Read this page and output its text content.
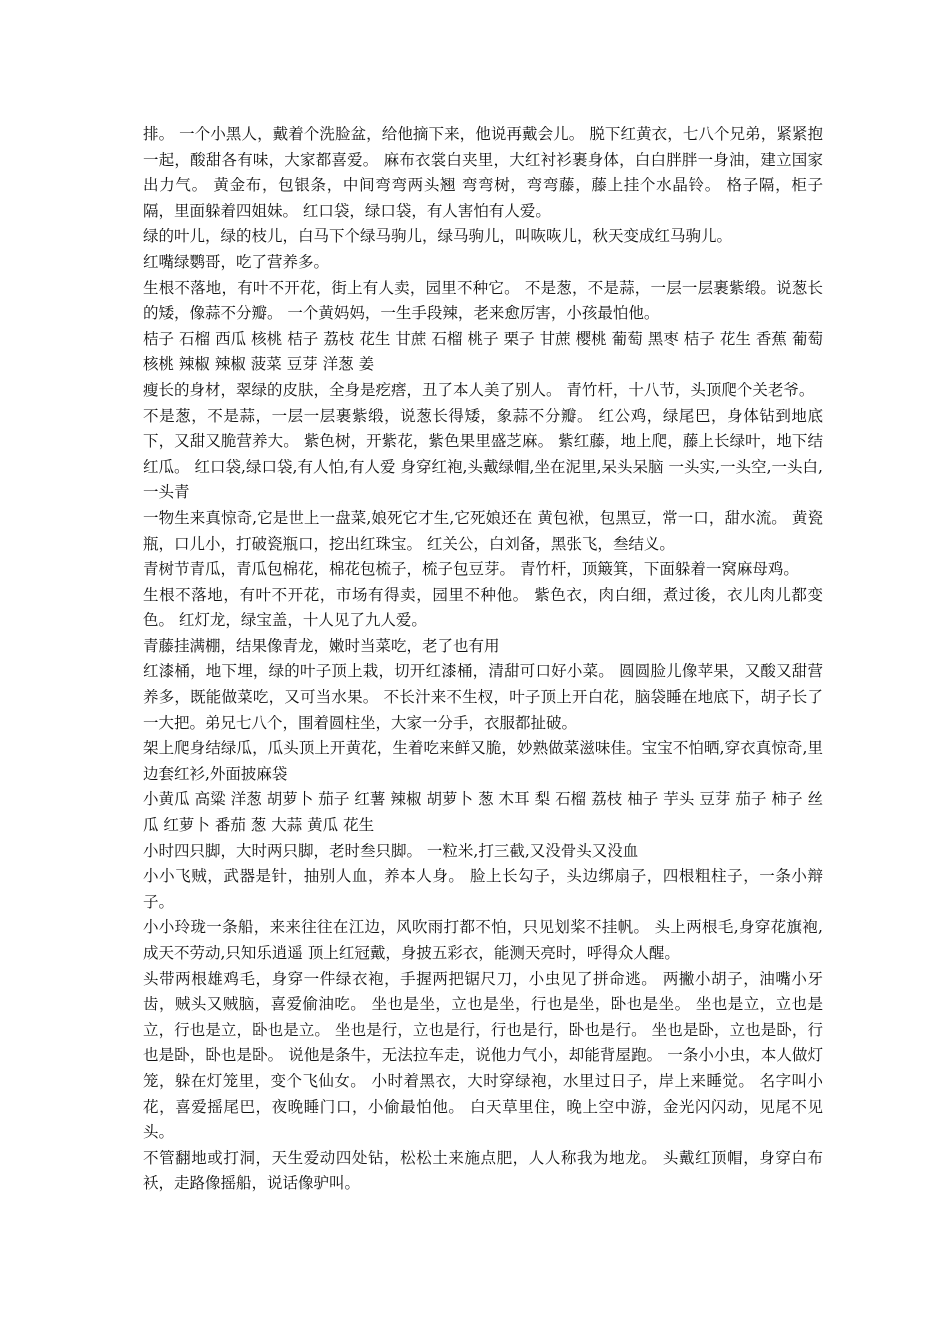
排。 一个小黑人，戴着个洗脸盆，给他摘下来，他说再戴会儿。 脱下红黄衣，七八个兄弟，紧紧抱一起，酸甜各有味，大家都喜爱。 麻布衣裳白夹里，大红衬衫裹身体，白白胖胖一身油，建立国家出力气。 黄金布，包银条，中间弯弯两头翘 弯弯树，弯弯藤，藤上挂个水晶铃。 格子隔，柜子隔，里面躲着四姐妹。 红口袋，绿口袋，有人害怕有人爱。

绿的叶儿，绿的枝儿，白马下个绿马驹儿，绿马驹儿，叫咴咴儿，秋天变成红马驹儿。

红嘴绿鹦哥，吃了营养多。

生根不落地，有叶不开花，街上有人卖，园里不种它。 不是葱，不是蒜，一层一层裹紫缎。说葱长的矮，像蒜不分瓣。 一个黄妈妈，一生手段辣，老来愈厉害，小孩最怕他。

桔子 石榴 西瓜 核桃 桔子 荔枝 花生 甘蔗 石榴 桃子 栗子 甘蔗 樱桃 葡萄 黑枣 桔子 花生 香蕉 葡萄 核桃 辣椒 辣椒 菠菜 豆芽 洋葱 姜

瘦长的身材，翠绿的皮肤，全身是疙瘩，丑了本人美了别人。 青竹杆，十八节，头顶爬个关老爷。

不是葱，不是蒜，一层一层裹紫缎，说葱长得矮，象蒜不分瓣。 红公鸡，绿尾巴，身体钻到地底下，又甜又脆营养大。 紫色树，开紫花，紫色果里盛芝麻。 紫红藤，地上爬，藤上长绿叶，地下结红瓜。 红口袋,绿口袋,有人怕,有人爱 身穿红袍,头戴绿帽,坐在泥里,呆头呆脑 一头实,一头空,一头白,一头青

一物生来真惊奇,它是世上一盘菜,娘死它才生,它死娘还在 黄包袱，包黑豆，常一口，甜水流。 黄瓷瓶，口儿小，打破瓷瓶口，挖出红珠宝。 红关公，白刘备，黑张飞，叁结义。

青树节青瓜，青瓜包棉花，棉花包梳子，梳子包豆芽。 青竹杆，顶簸箕，下面躲着一窝麻母鸡。

生根不落地，有叶不开花，市场有得卖，园里不种他。 紫色衣，肉白细，煮过後，衣儿肉儿都变色。 红灯龙，绿宝盖，十人见了九人爱。

青藤挂满棚，结果像青龙，嫩时当菜吃，老了也有用

红漆桶，地下埋，绿的叶子顶上栽，切开红漆桶，清甜可口好小菜。 圆圆脸儿像苹果，又酸又甜营养多，既能做菜吃，又可当水果。 不长汁来不生杈，叶子顶上开白花，脑袋睡在地底下，胡子长了一大把。弟兄七八个，围着圆柱坐，大家一分手，衣服都扯破。

架上爬身结绿瓜，瓜头顶上开黄花，生着吃来鲜又脆，妙熟做菜滋味佳。宝宝不怕晒,穿衣真惊奇,里边套红衫,外面披麻袋

小黄瓜 高粱 洋葱 胡萝卜 茄子 红薯 辣椒 胡萝卜 葱 木耳 梨 石榴 荔枝 柚子 芋头 豆芽 茄子 柿子 丝瓜 红萝卜 番茄 葱 大蒜 黄瓜 花生

小时四只脚，大时两只脚，老时叁只脚。 一粒米,打三截,又没骨头又没血

小小飞贼，武器是针，抽别人血，养本人身。 脸上长勾子，头边绑扇子，四根粗柱子，一条小辩子。

小小玲珑一条船，来来往往在江边，风吹雨打都不怕，只见划桨不挂帆。 头上两根毛,身穿花旗袍,成天不劳动,只知乐逍遥 顶上红冠戴，身披五彩衣，能测天亮时，呼得众人醒。

头带两根雄鸡毛，身穿一件绿衣袍，手握两把锯尺刀，小虫见了拼命逃。 两撇小胡子，油嘴小牙齿，贼头又贼脑，喜爱偷油吃。 坐也是坐，立也是坐，行也是坐，卧也是坐。 坐也是立，立也是立，行也是立，卧也是立。 坐也是行，立也是行，行也是行，卧也是行。 坐也是卧，立也是卧，行也是卧，卧也是卧。 说他是条牛，无法拉车走，说他力气小，却能背屋跑。 一条小小虫，本人做灯笼，躲在灯笼里，变个飞仙女。 小时着黑衣，大时穿绿袍，水里过日子，岸上来睡觉。 名字叫小花，喜爱摇尾巴，夜晚睡门口，小偷最怕他。 白天草里住，晚上空中游，金光闪闪动，见尾不见头。

不管翻地或打洞，天生爱动四处钻，松松土来施点肥，人人称我为地龙。 头戴红顶帽，身穿白布袄，走路像摇船，说话像驴叫。
